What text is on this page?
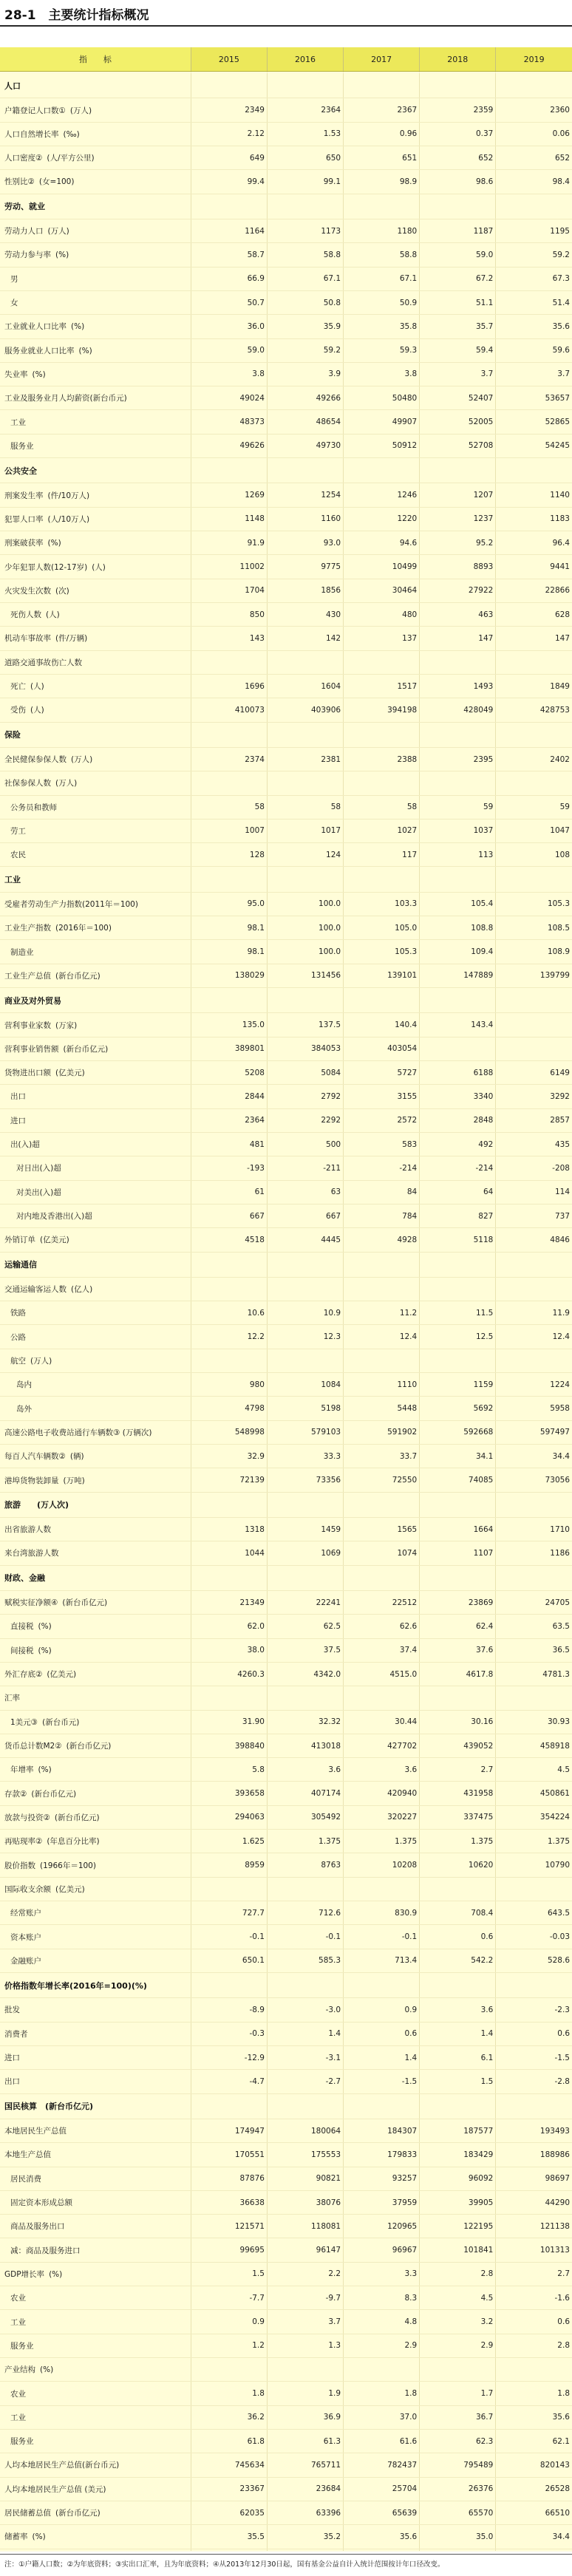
28-1　主要统计指标概况
指　　标	2015	2016	2017	2018	2019

人口					
户籍登记人口数① (万人)	2349	2364	2367	2359	2360
人口自然增长率 (‰)	2.12	1.53	0.96	0.37	0.06
人口密度② (人/平方公里)	649	650	651	652	652
性别比② (女=100)	99.4	99.1	98.9	98.6	98.4
劳动、就业					
劳动力人口 (万人)	1164	1173	1180	1187	1195
劳动力参与率 (%)	58.7	58.8	58.8	59.0	59.2
男	66.9	67.1	67.1	67.2	67.3
女	50.7	50.8	50.9	51.1	51.4
工业就业人口比率 (%)	36.0	35.9	35.8	35.7	35.6
服务业就业人口比率 (%)	59.0	59.2	59.3	59.4	59.6
失业率 (%)	3.8	3.9	3.8	3.7	3.7
工业及服务业月人均薪资(新台币元)	49024	49266	50480	52407	53657
工业	48373	48654	49907	52005	52865
服务业	49626	49730	50912	52708	54245
公共安全					
刑案发生率 (件/10万人)	1269	1254	1246	1207	1140
犯罪人口率 (人/10万人)	1148	1160	1220	1237	1183
刑案破获率 (%)	91.9	93.0	94.6	95.2	96.4
少年犯罪人数(12-17岁) (人)	11002	9775	10499	8893	9441
火灾发生次数 (次)	1704	1856	30464	27922	22866
死伤人数 (人)	850	430	480	463	628
机动车事故率 (件/万辆)	143	142	137	147	147
道路交通事故伤亡人数					
死亡 (人)	1696	1604	1517	1493	1849
受伤 (人)	410073	403906	394198	428049	428753
保险					
全民健保参保人数 (万人)	2374	2381	2388	2395	2402
社保参保人数 (万人)					
公务员和教师	58	58	58	59	59
劳工	1007	1017	1027	1037	1047
农民	128	124	117	113	108
工业					
受雇者劳动生产力指数(2011年＝100)	95.0	100.0	103.3	105.4	105.3
工业生产指数 (2016年＝100)	98.1	100.0	105.0	108.8	108.5
制造业	98.1	100.0	105.3	109.4	108.9
工业生产总值 (新台币亿元)	138029	131456	139101	147889	139799
商业及对外贸易					
营利事业家数 (万家)	135.0	137.5	140.4	143.4	
营利事业销售额 (新台币亿元)	389801	384053	403054		
货物进出口额 (亿美元)	5208	5084	5727	6188	6149
出口	2844	2792	3155	3340	3292
进口	2364	2292	2572	2848	2857
出(入)超	481	500	583	492	435
对日出(入)超	-193	-211	-214	-214	-208
对美出(入)超	61	63	84	64	114
对内地及香港出(入)超	667	667	784	827	737
外销订单 (亿美元)	4518	4445	4928	5118	4846
运输通信					
交通运输客运人数 (亿人)					
铁路	10.6	10.9	11.2	11.5	11.9
公路	12.2	12.3	12.4	12.5	12.4
航空 (万人)					
岛内	980	1084	1110	1159	1224
岛外	4798	5198	5448	5692	5958
高速公路电子收费站通行车辆数③ (万辆次)	548998	579103	591902	592668	597497
每百人汽车辆数② (辆)	32.9	33.3	33.7	34.1	34.4
港埠货物装卸量 (万吨)	72139	73356	72550	74085	73056
旅游　　(万人次)					
出省旅游人数	1318	1459	1565	1664	1710
来台湾旅游人数	1044	1069	1074	1107	1186
财政、金融					
赋税实征净额④ (新台币亿元)	21349	22241	22512	23869	24705
直接税 (%)	62.0	62.5	62.6	62.4	63.5
间接税 (%)	38.0	37.5	37.4	37.6	36.5
外汇存底② (亿美元)	4260.3	4342.0	4515.0	4617.8	4781.3
汇率					
1美元③ (新台币元)	31.90	32.32	30.44	30.16	30.93
货币总计数M2② (新台币亿元)	398840	413018	427702	439052	458918
年增率 (%)	5.8	3.6	3.6	2.7	4.5
存款② (新台币亿元)	393658	407174	420940	431958	450861
放款与投资② (新台币亿元)	294063	305492	320227	337475	354224
再贴现率② (年息百分比率)	1.625	1.375	1.375	1.375	1.375
股价指数 (1966年＝100)	8959	8763	10208	10620	10790
国际收支余额 (亿美元)					
经常账户	727.7	712.6	830.9	708.4	643.5
资本账户	-0.1	-0.1	-0.1	0.6	-0.03
金融账户	650.1	585.3	713.4	542.2	528.6
价格指数年增长率(2016年=100)(%)					
批发	-8.9	-3.0	0.9	3.6	-2.3
消费者	-0.3	1.4	0.6	1.4	0.6
进口	-12.9	-3.1	1.4	6.1	-1.5
出口	-4.7	-2.7	-1.5	1.5	-2.8
国民核算　(新台币亿元)					
本地居民生产总值	174947	180064	184307	187577	193493
本地生产总值	170551	175553	179833	183429	188986
居民消费	87876	90821	93257	96092	98697
固定资本形成总额	36638	38076	37959	39905	44290
商品及服务出口	121571	118081	120965	122195	121138
减：商品及服务进口	99695	96147	96967	101841	101313
GDP增长率 (%)	1.5	2.2	3.3	2.8	2.7
农业	-7.7	-9.7	8.3	4.5	-1.6
工业	0.9	3.7	4.8	3.2	0.6
服务业	1.2	1.3	2.9	2.9	2.8
产业结构 (%)					
农业	1.8	1.9	1.8	1.7	1.8
工业	36.2	36.9	37.0	36.7	35.6
服务业	61.8	61.3	61.6	62.3	62.1
人均本地居民生产总值(新台币元)	745634	765711	782437	795489	820143
人均本地居民生产总值 (美元)	23367	23684	25704	26376	26528
居民储蓄总值 (新台币亿元)	62035	63396	65639	65570	66510
储蓄率 (%)	35.5	35.2	35.6	35.0	34.4

注：①户籍人口数；②为年底资料；③实出口汇率，且为年底资料；④从2013年12月30日起，国有基金公益自计入统计范围按计年口径改变。
